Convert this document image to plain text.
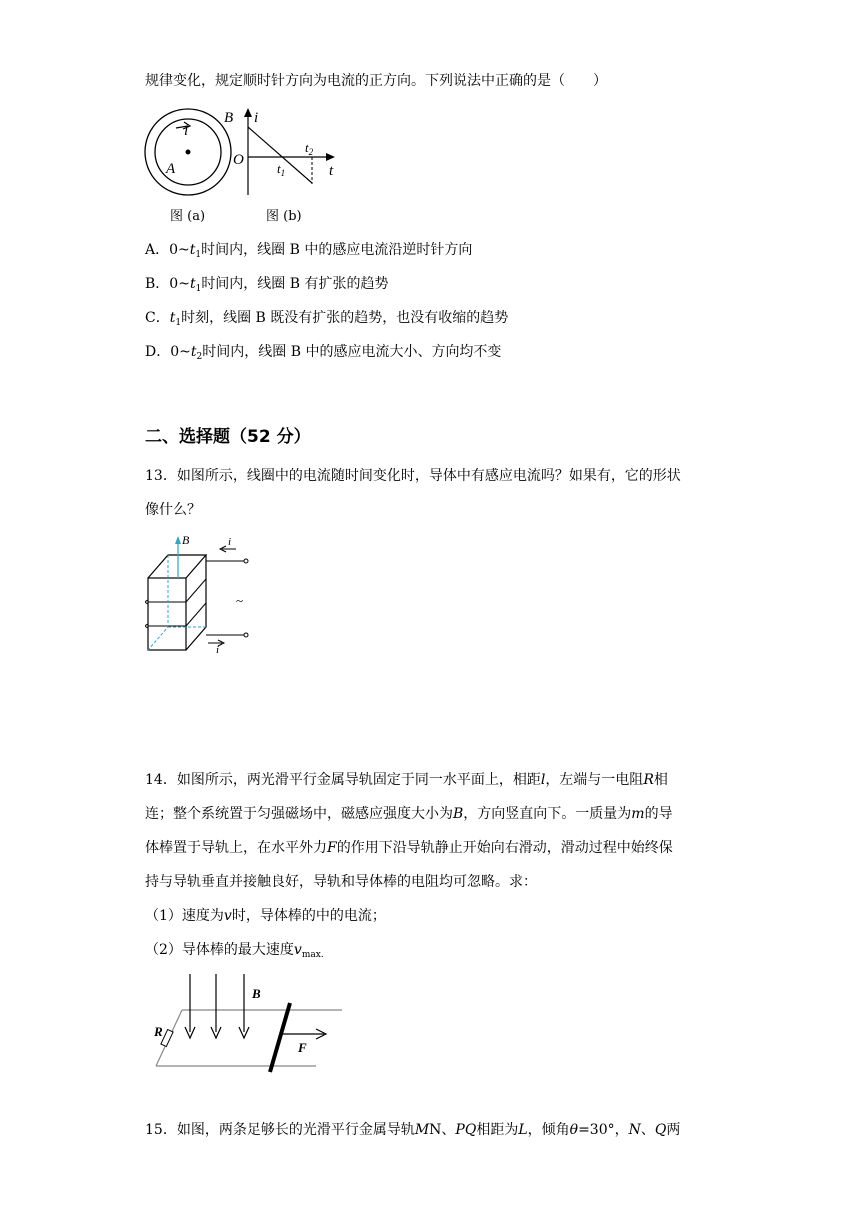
规律变化，规定顺时针方向为电流的正方向。下列说法中正确的是（　　）
i
A
B i
O
$t_1$
$t_2$
t
图 (a)	图 (b)
A．$0\sim t_1$时间内，线圈 B 中的感应电流沿逆时针方向
B．$0\sim t_1$时间内，线圈 B 有扩张的趋势
C．$t_1$时刻，线圈 B 既没有扩张的趋势，也没有收缩的趋势
D．$0\sim t_2$时间内，线圈 B 中的感应电流大小、方向均不变
二、选择题（52 分）
13．如图所示，线圈中的电流随时间变化时，导体中有感应电流吗？如果有，它的形状
像什么？
B
~
i
i
14．如图所示，两光滑平行金属导轨固定于同一水平面上，相距l，左端与一电阻R相
连；整个系统置于匀强磁场中，磁感应强度大小为B，方向竖直向下。一质量为m的导
体棒置于导轨上，在水平外力F的作用下沿导轨静止开始向右滑动，滑动过程中始终保
持与导轨垂直并接触良好，导轨和导体棒的电阻均可忽略。求：
（1）速度为v时，导体棒的中的电流；
（2）导体棒的最大速度$v_{max.}$
R
B
F
15．如图，两条足够长的光滑平行金属导轨MN、PQ相距为L，倾角θ=30°，N、Q两
